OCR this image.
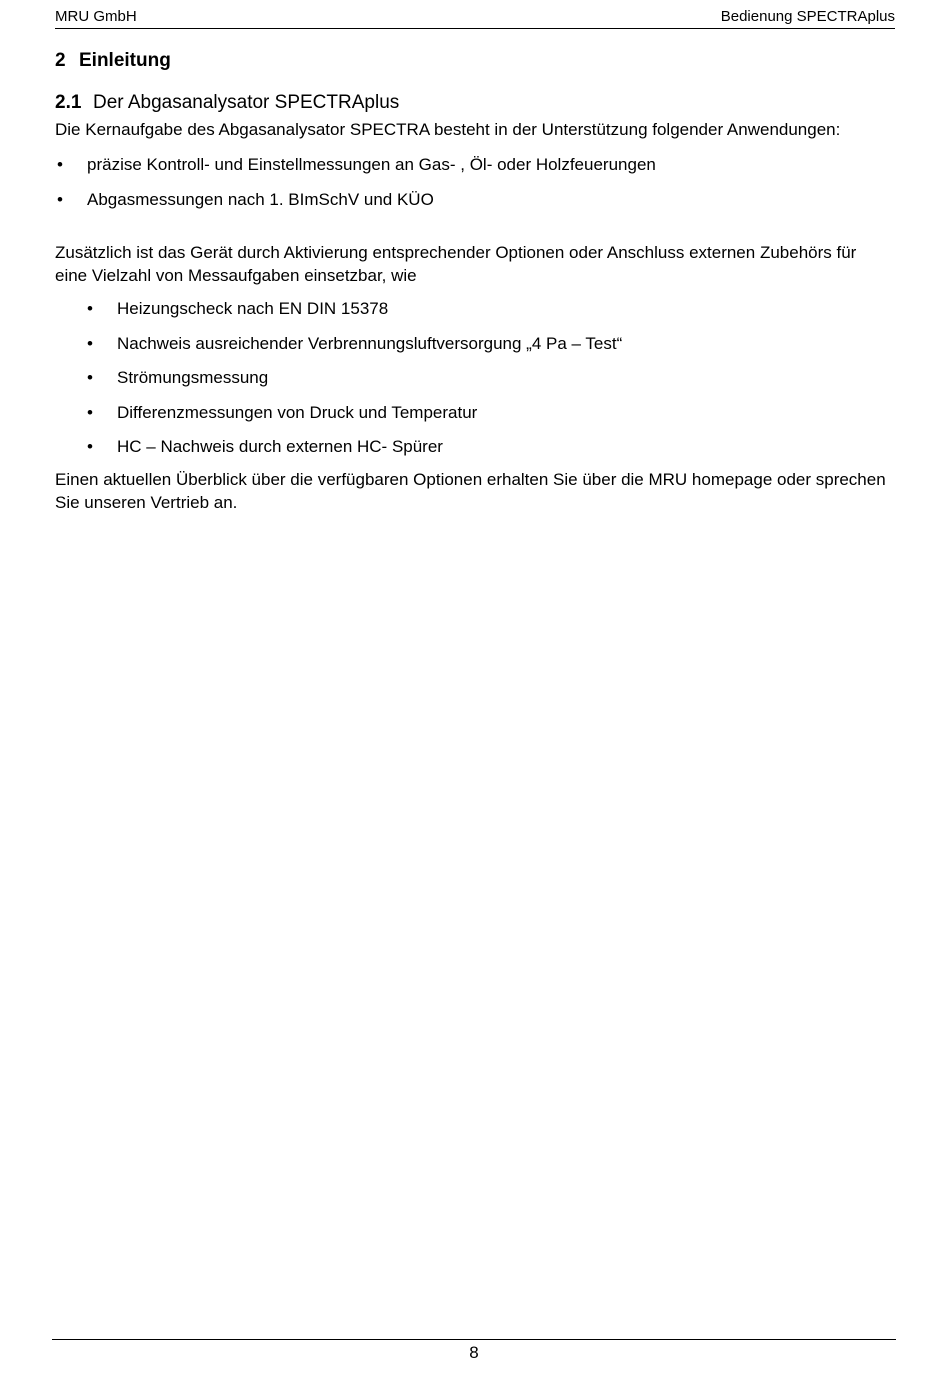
MRU GmbH	Bedienung SPECTRAplus
2 Einleitung
2.1 Der Abgasanalysator SPECTRAplus

Die Kernaufgabe des Abgasanalysator SPECTRA besteht in der Unterstützung folgender Anwendungen:

• präzise Kontroll- und Einstellmessungen an Gas- , Öl- oder Holzfeuerungen
• Abgasmessungen nach 1. BImSchV und KÜO

Zusätzlich ist das Gerät durch Aktivierung entsprechender Optionen oder Anschluss externen Zubehörs für eine Vielzahl von Messaufgaben einsetzbar, wie

• Heizungscheck nach EN DIN 15378
• Nachweis ausreichender Verbrennungsluftversorgung „4 Pa – Test“
• Strömungsmessung
• Differenzmessungen von Druck und Temperatur
• HC – Nachweis durch externen HC- Spürer

Einen aktuellen Überblick über die verfügbaren Optionen erhalten Sie über die MRU homepage oder sprechen Sie unseren Vertrieb an.

8
